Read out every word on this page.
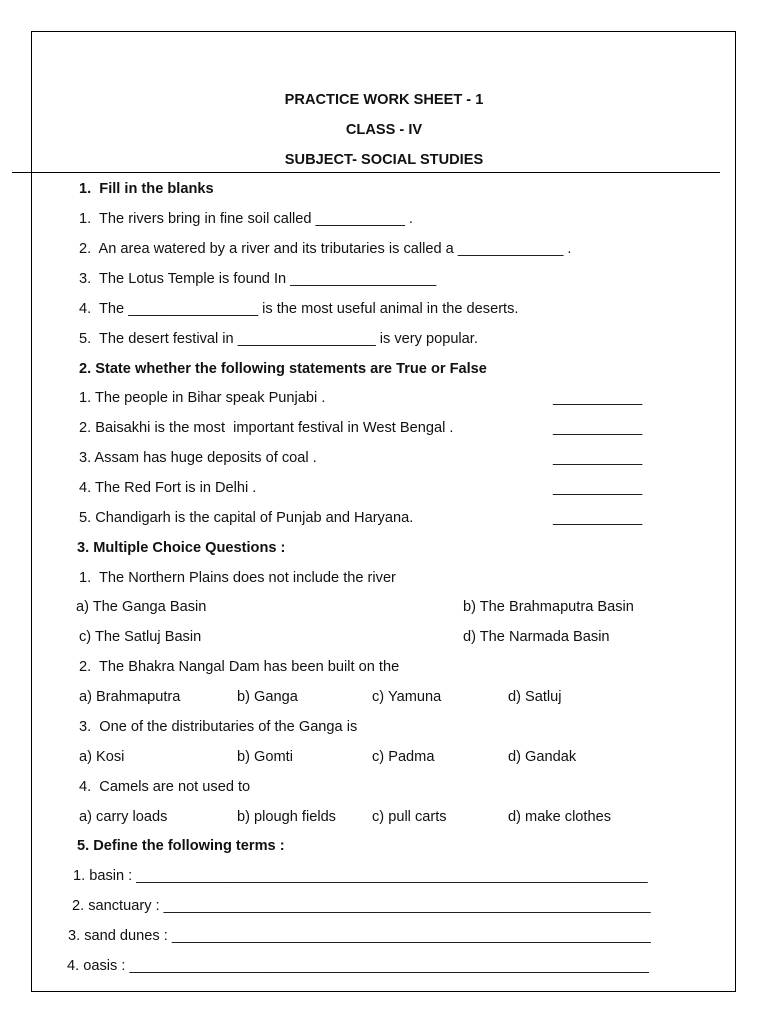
PRACTICE WORK SHEET - 1
CLASS - IV
SUBJECT- SOCIAL STUDIES
1.  Fill in the blanks
1.  The rivers bring in fine soil called ___________ .
2.  An area watered by a river and its tributaries is called a _____________ .
3.  The Lotus Temple is found In __________________
4.  The ________________ is the most useful animal in the deserts.
5.  The desert festival in _________________ is very popular.
2. State whether the following statements are True or False
1. The people in Bihar speak Punjabi .	___________
2. Baisakhi is the most  important festival in West Bengal .	___________
3. Assam has huge deposits of coal .	___________
4. The Red Fort is in Delhi .	___________
5. Chandigarh is the capital of Punjab and Haryana.	___________
3. Multiple Choice Questions :
1.  The Northern Plains does not include the river
a) The Ganga Basin	b) The Brahmaputra Basin
c) The Satluj Basin	d) The Narmada Basin
2.  The Bhakra Nangal Dam has been built on the
a) Brahmaputra	b) Ganga	c) Yamuna	d) Satluj
3.  One of the distributaries of the Ganga is
a) Kosi	b) Gomti	c) Padma	d) Gandak
4.  Camels are not used to
a) carry loads	b) plough fields c) pull carts	d) make clothes
5. Define the following terms :
1. basin : _______________________________________________________________
2. sanctuary : ____________________________________________________________
3. sand dunes : ___________________________________________________________
4. oasis : ________________________________________________________________
